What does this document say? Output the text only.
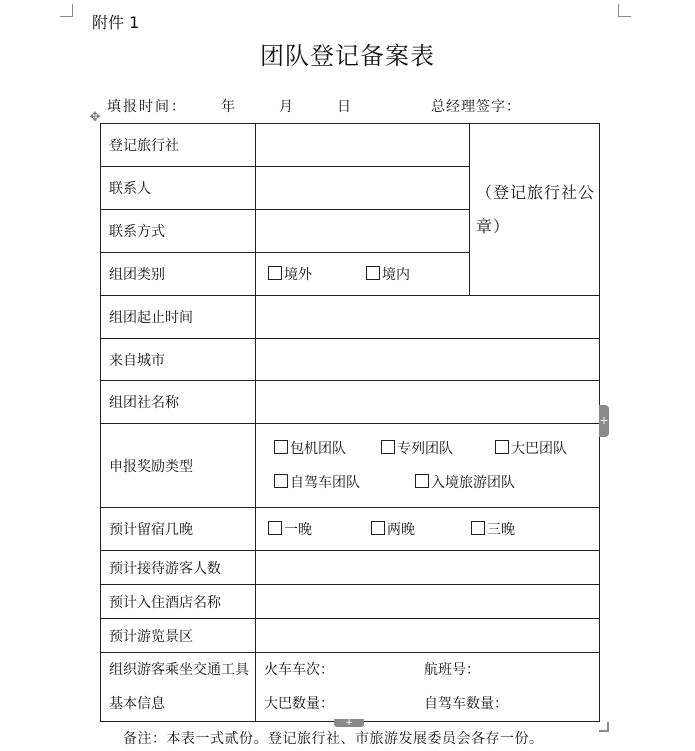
附件 1
团队登记备案表
填报时间： 年	月	日	总经理签字：
✥
登记旅行社		（登记旅行社公章）
联系人		
联系方式		
组团类别	境外 境内	
组团起止时间		
来自城市		
组团社名称		
申报奖励类型	包机团队 专列团队 大巴团队
自驾车团队 入境旅游团队	

预计留宿几晚	一晚 两晚 三晚	
预计接待游客人数		
预计入住酒店名称		
预计游览景区		
组织游客乘坐交通工具基本信息	火车车次： 航班号：
大巴数量： 自驾车数量：	
+
+
备注：本表一式贰份。登记旅行社、市旅游发展委员会各存一份。
